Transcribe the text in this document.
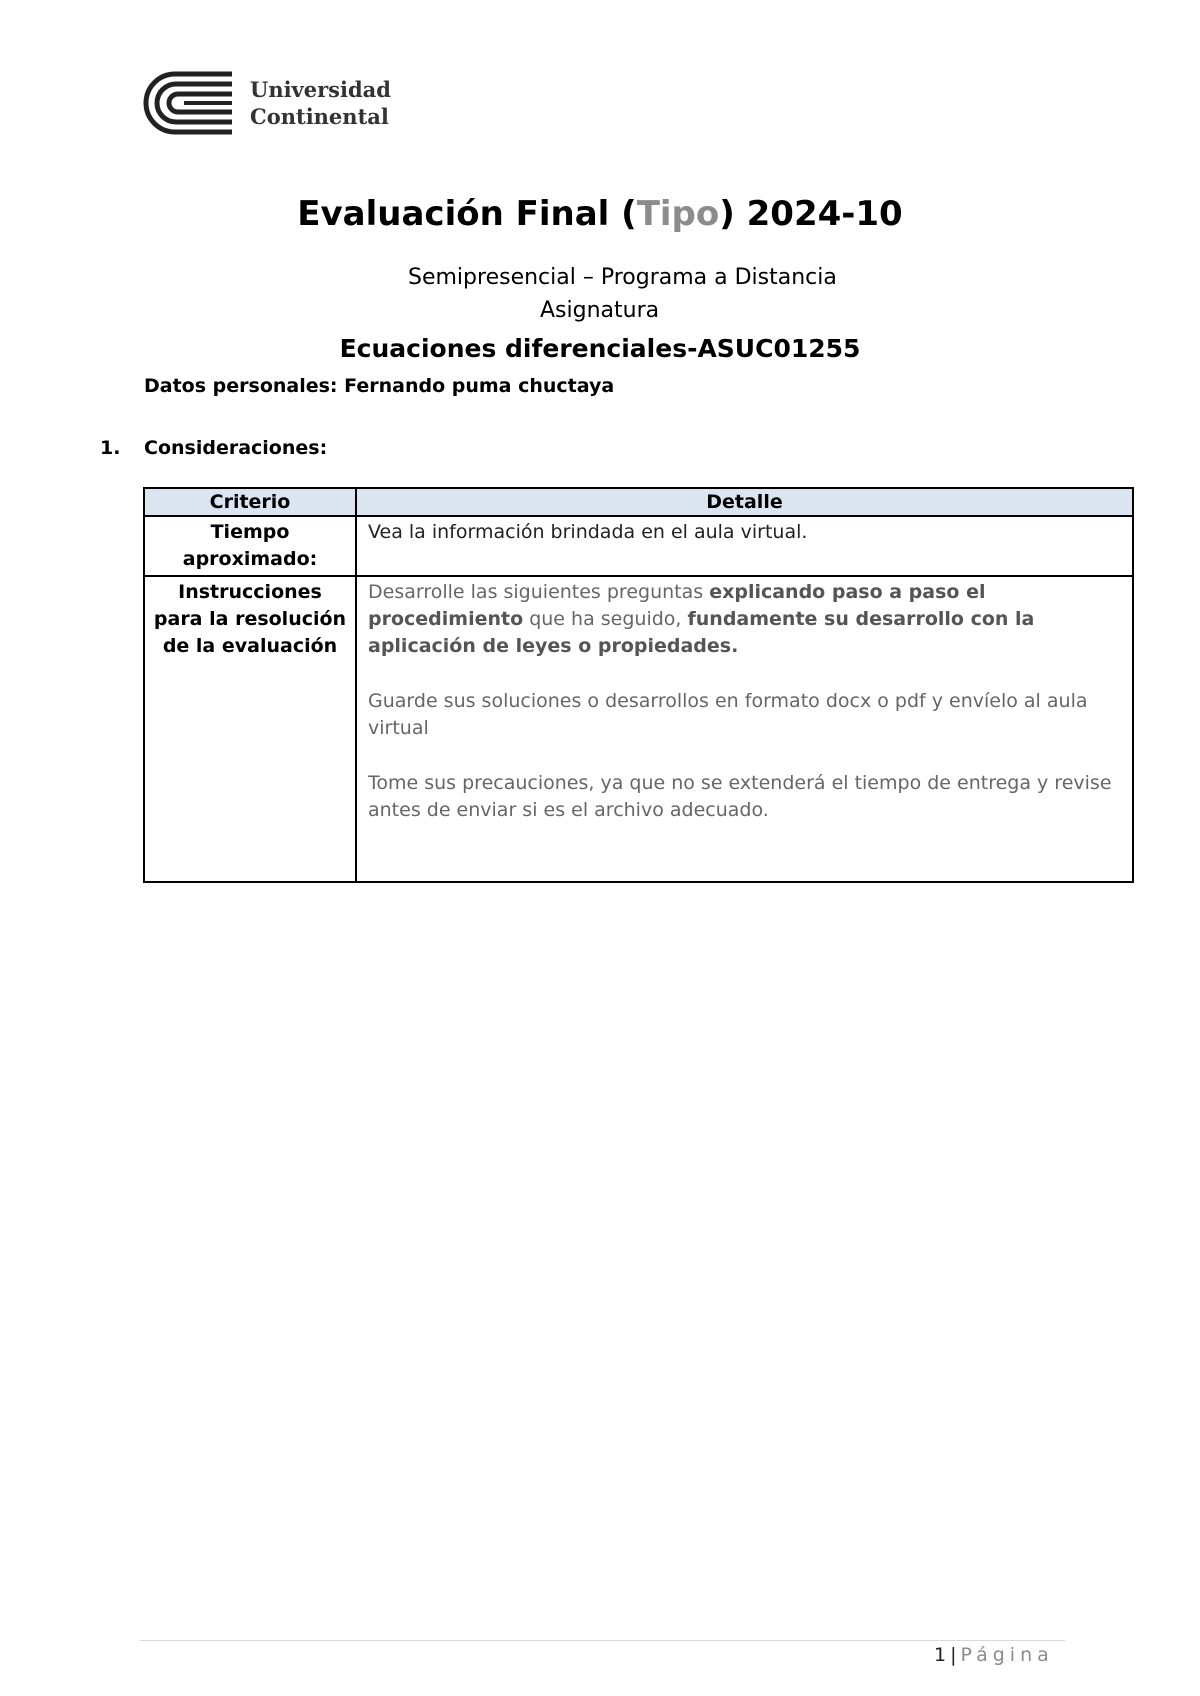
Universidad
Continental
Evaluación Final (Tipo) 2024-10
Semipresencial – Programa a Distancia
Asignatura
Ecuaciones diferenciales-ASUC01255
Datos personales: Fernando puma chuctaya
1. Consideraciones:
Criterio	Detalle
Tiempo aproximado:	Vea la información brindada en el aula virtual.
Instrucciones para la resolución de la evaluación	Desarrolle las siguientes preguntas explicando paso a paso el procedimiento que ha seguido, fundamente su desarrollo con la aplicación de leyes o propiedades.

Guarde sus soluciones o desarrollos en formato docx o pdf y envíelo al aula virtual

Tome sus precauciones, ya que no se extenderá el tiempo de entrega y revise antes de enviar si es el archivo adecuado.

1 | Página
